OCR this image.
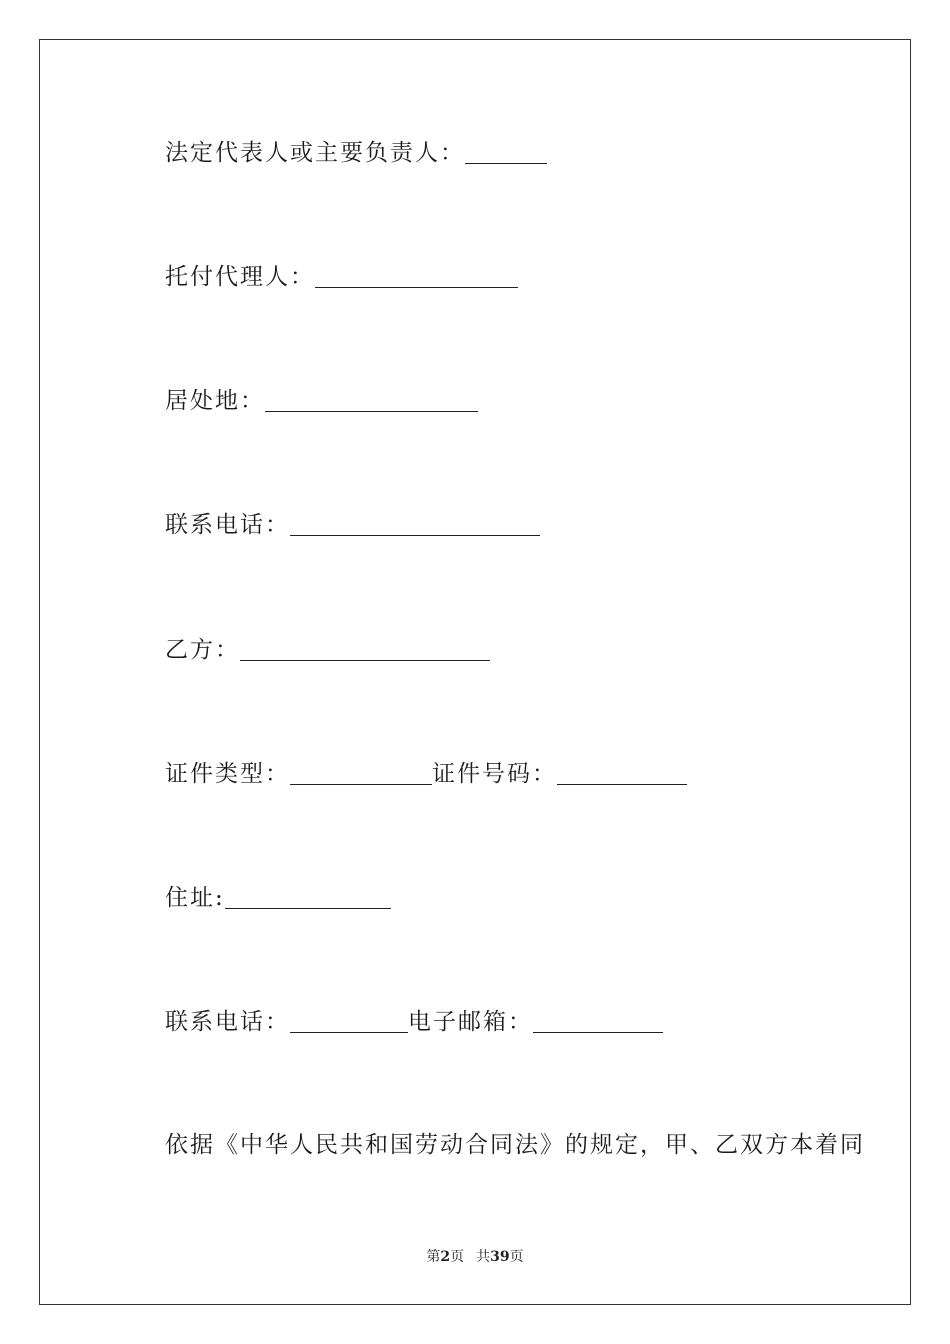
法定代表人或主要负责人：
托付代理人：
居处地：
联系电话：
乙方：
证件类型：	证件号码：
住址:
联系电话：	电子邮箱：
依据《中华人民共和国劳动合同法》的规定，甲、乙双方本着同
第2页 共39页
